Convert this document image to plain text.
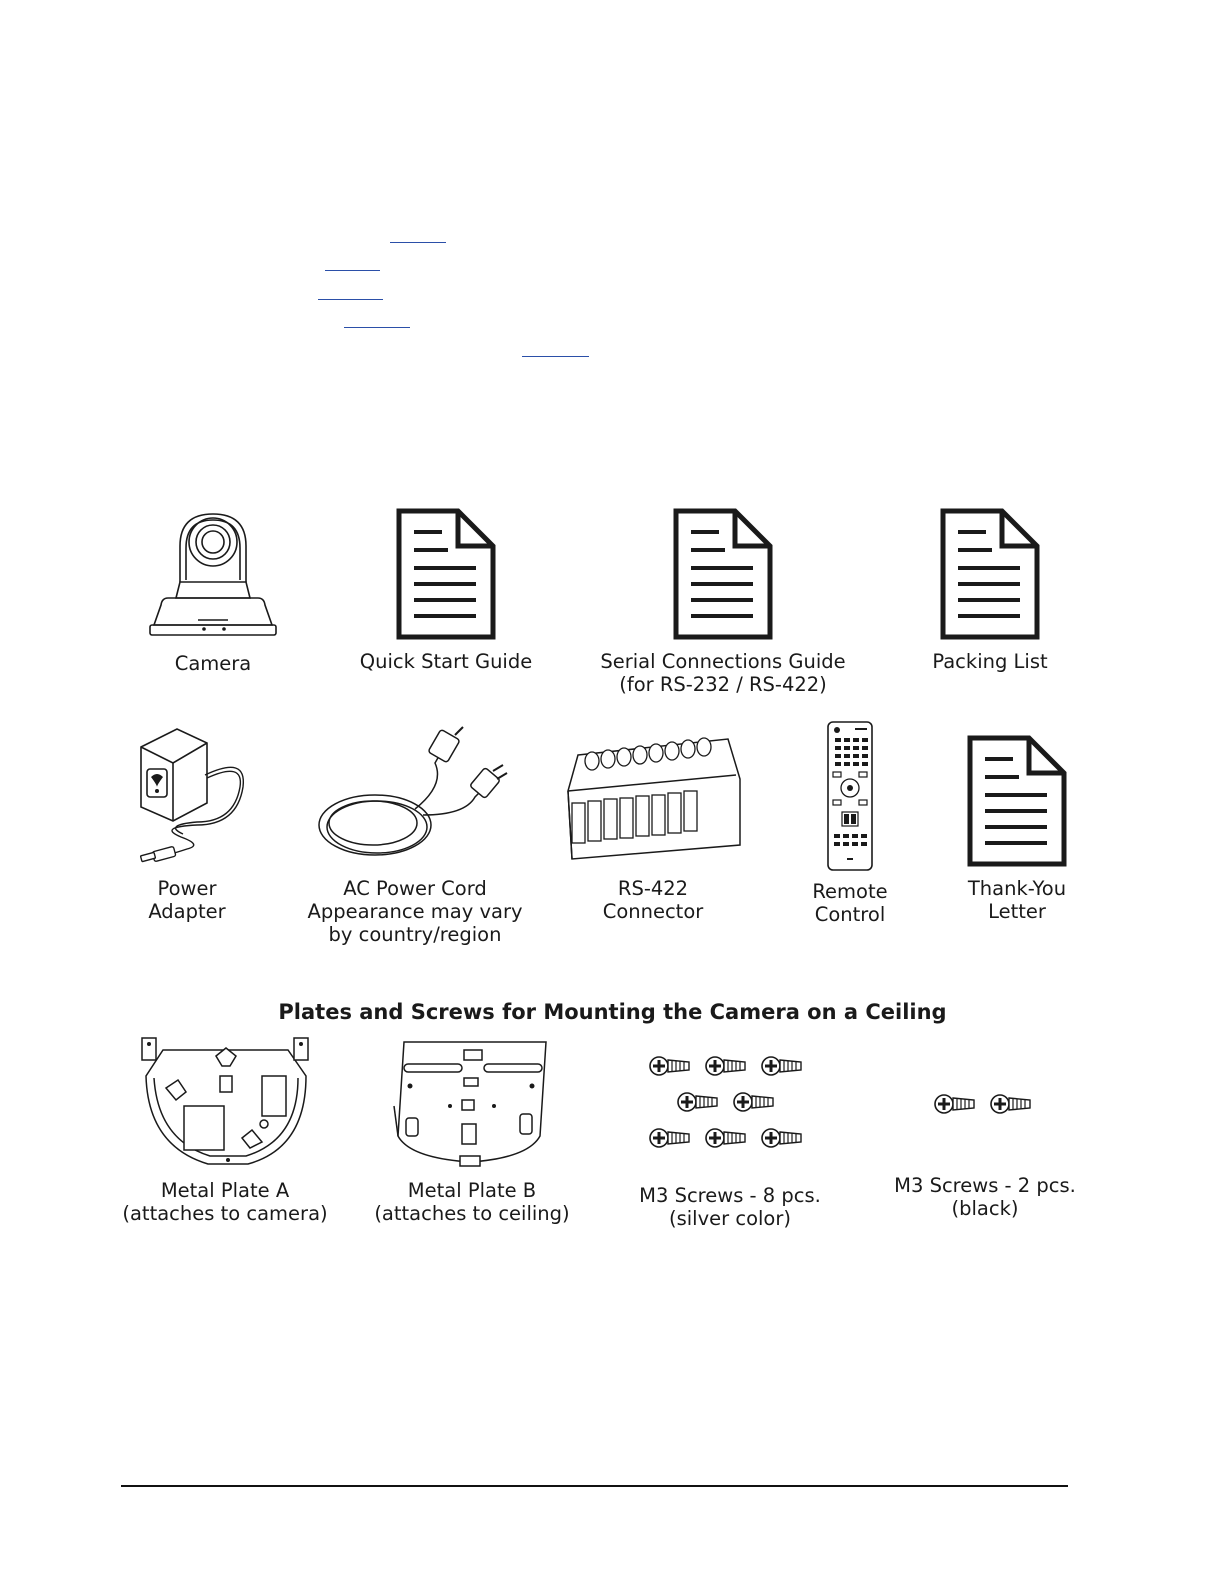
Camera	Quick Start Guide	Serial Connections Guide
(for RS-232 / RS-422)
Packing List
Power
Adapter
AC Power Cord
Appearance may vary
by country/region
RS-422
Connector
Remote
Control
Thank-You
Letter
Plates and Screws for Mounting the Camera on a Ceiling
Metal Plate A
(attaches to camera)
Metal Plate B
(attaches to ceiling)
M3 Screws - 8 pcs.
(silver color)
M3 Screws - 2 pcs.
(black)
